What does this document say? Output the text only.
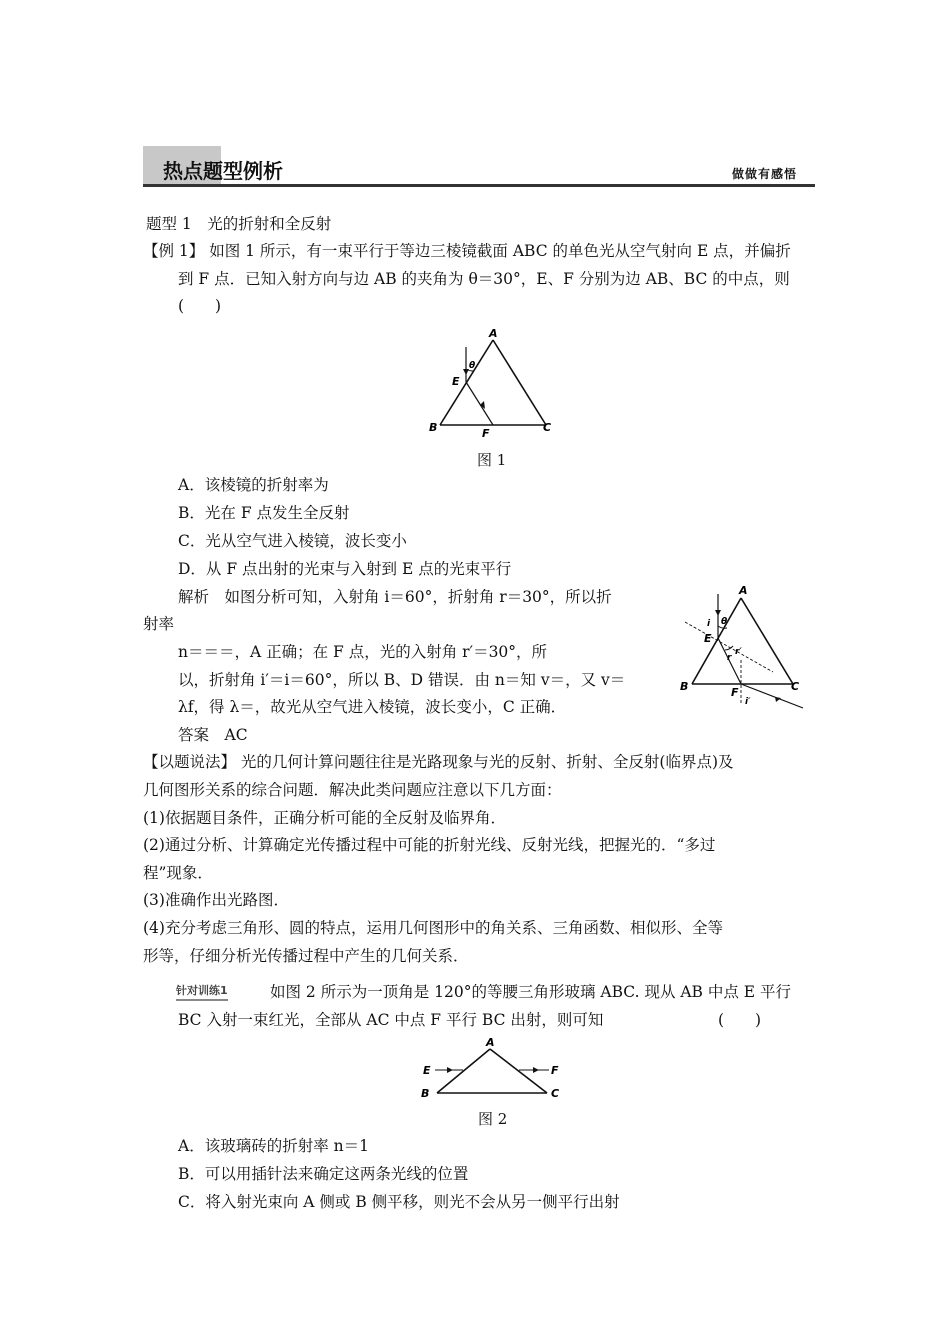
热点题型例析	做做有感悟
题型 1　光的折射和全反射
【例 1】 如图 1 所示，有一束平行于等边三棱镜截面 ABC 的单色光从空气射向 E 点，并偏折
到 F 点．已知入射方向与边 AB 的夹角为 θ＝30°，E、F 分别为边 AB、BC 的中点，则
(　　)
A
B	C
E
F
θ
图 1
A．该棱镜的折射率为
B．光在 F 点发生全反射
C．光从空气进入棱镜，波长变小
D．从 F 点出射的光束与入射到 E 点的光束平行
解析　如图分析可知，入射角 i＝60°，折射角 r＝30°，所以折
射率
n＝＝＝，A 正确；在 F 点，光的入射角 r′＝30°，所
以，折射角 i′＝i＝60°，所以 B、D 错误．由 n＝知 v＝，又 v＝
λf，得 λ＝，故光从空气进入棱镜，波长变小，C 正确．
答案　AC
A
B	C
E
F
θ
i
r
r′
i′
【以题说法】 光的几何计算问题往往是光路现象与光的反射、折射、全反射(临界点)及
几何图形关系的综合问题．解决此类问题应注意以下几方面：
(1)依据题目条件，正确分析可能的全反射及临界角．
(2)通过分析、计算确定光传播过程中可能的折射光线、反射光线，把握光的．“多过
程”现象．
(3)准确作出光路图．
(4)充分考虑三角形、圆的特点，运用几何图形中的角关系、三角函数、相似形、全等
形等，仔细分析光传播过程中产生的几何关系．
针对训练1	如图 2 所示为一顶角是 120°的等腰三角形玻璃 ABC. 现从 AB 中点 E 平行
BC 入射一束红光，全部从 AC 中点 F 平行 BC 出射，则可知	(　　)
A
B	C
E	F
图 2
A．该玻璃砖的折射率 n＝1
B．可以用插针法来确定这两条光线的位置
C．将入射光束向 A 侧或 B 侧平移，则光不会从另一侧平行出射
